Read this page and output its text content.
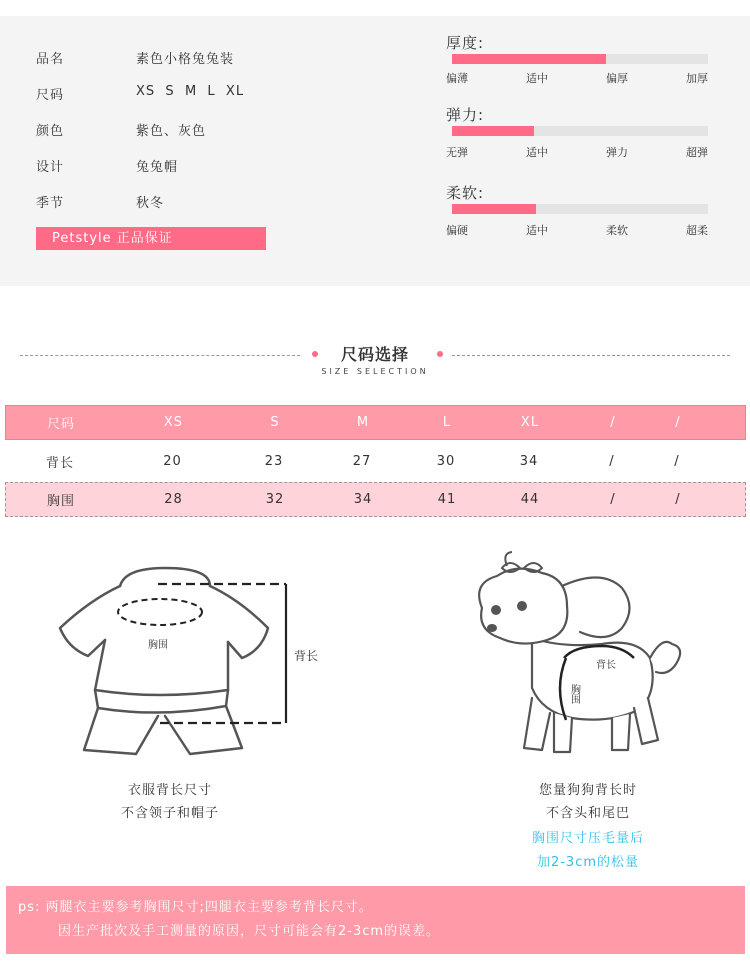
品名	素色小格兔兔装
尺码	XS  S  M  L  XL
颜色	紫色、灰色
设计	兔兔帽
季节	秋冬
Petstyle 正品保证
厚度:
偏薄	适中	偏厚	加厚
弹力:
无弹	适中	弹力	超弹
柔软:
偏硬	适中	柔软	超柔
尺码选择
SIZE SELECTION
尺码	XS	S	M	L	XL	/	/
背长	20	23	27	30	34	/	/
胸围	28	32	34	41	44	/	/
胸围
背长
衣服背长尺寸
不含领子和帽子
背长
胸围
您量狗狗背长时
不含头和尾巴
胸围尺寸压毛量后
加2-3cm的松量

ps: 两腿衣主要参考胸围尺寸;四腿衣主要参考背长尺寸。

因生产批次及手工测量的原因，尺寸可能会有2-3cm的误差。
